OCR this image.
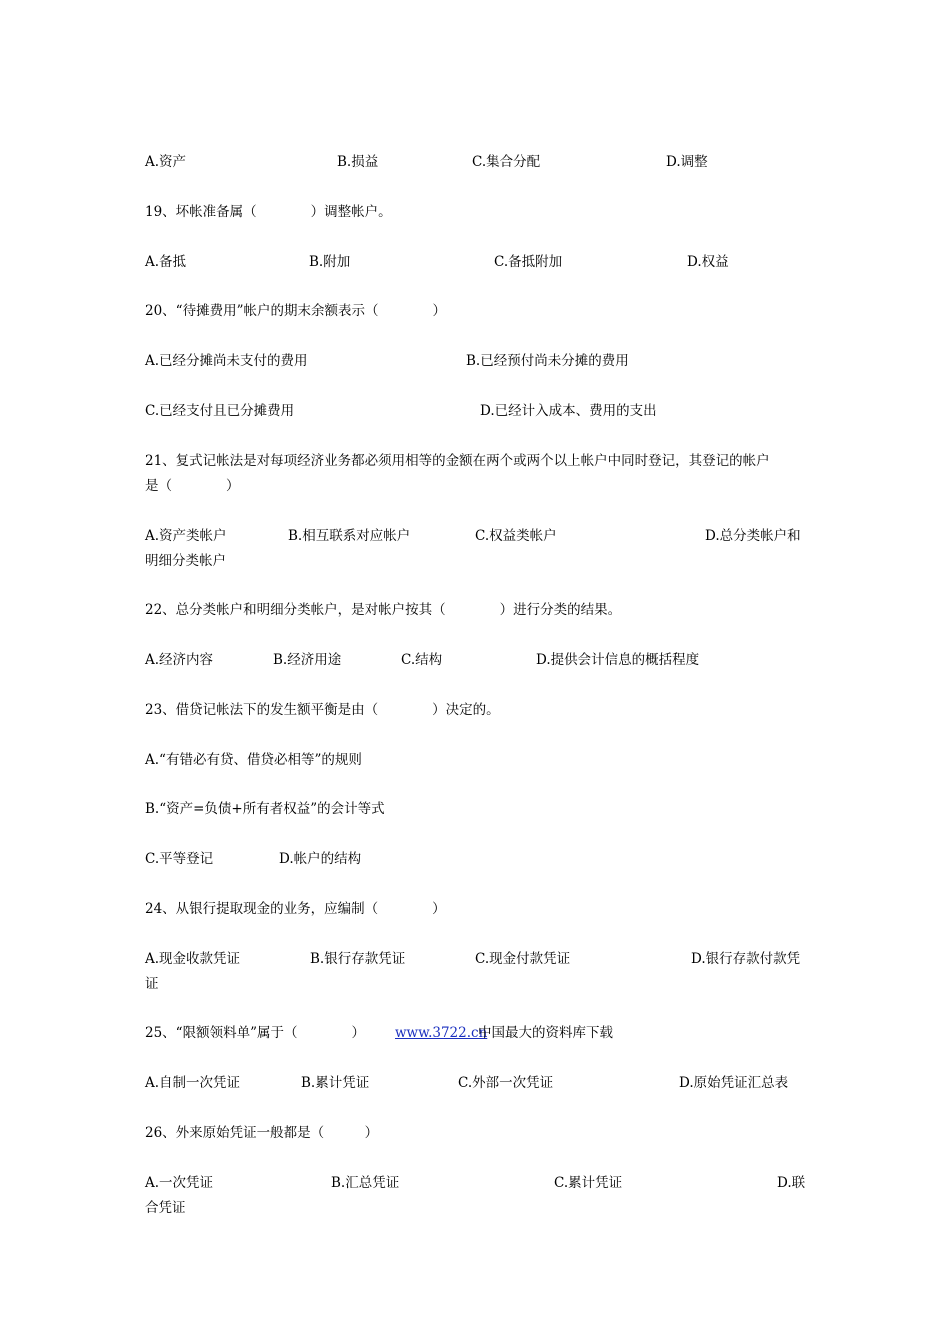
A.资产	B.损益	C.集合分配	D.调整
19、坏帐准备属（　　　　）调整帐户。
A.备抵	B.附加	C.备抵附加	D.权益
20、“待摊费用”帐户的期末余额表示（　　　　）
A.已经分摊尚未支付的费用	B.已经预付尚未分摊的费用
C.已经支付且已分摊费用	D.已经计入成本、费用的支出
21、复式记帐法是对每项经济业务都必须用相等的金额在两个或两个以上帐户中同时登记，其登记的帐户
是（　　　　）
A.资产类帐户	B.相互联系对应帐户	C.权益类帐户	D.总分类帐户和
明细分类帐户
22、总分类帐户和明细分类帐户，是对帐户按其（　　　　）进行分类的结果。
A.经济内容	B.经济用途	C.结构	D.提供会计信息的概括程度
23、借贷记帐法下的发生额平衡是由（　　　　）决定的。
A.“有错必有贷、借贷必相等”的规则
B.“资产=负债+所有者权益”的会计等式
C.平等登记	D.帐户的结构
24、从银行提取现金的业务，应编制（　　　　）
A.现金收款凭证	B.银行存款凭证	C.现金付款凭证	D.银行存款付款凭
证
25、“限额领料单”属于（　　　　） www.3722.cn
中国最大的资料库下载
A.自制一次凭证	B.累计凭证	C.外部一次凭证	D.原始凭证汇总表
26、外来原始凭证一般都是（　　　）
A.一次凭证	B.汇总凭证	C.累计凭证	D.联
合凭证
